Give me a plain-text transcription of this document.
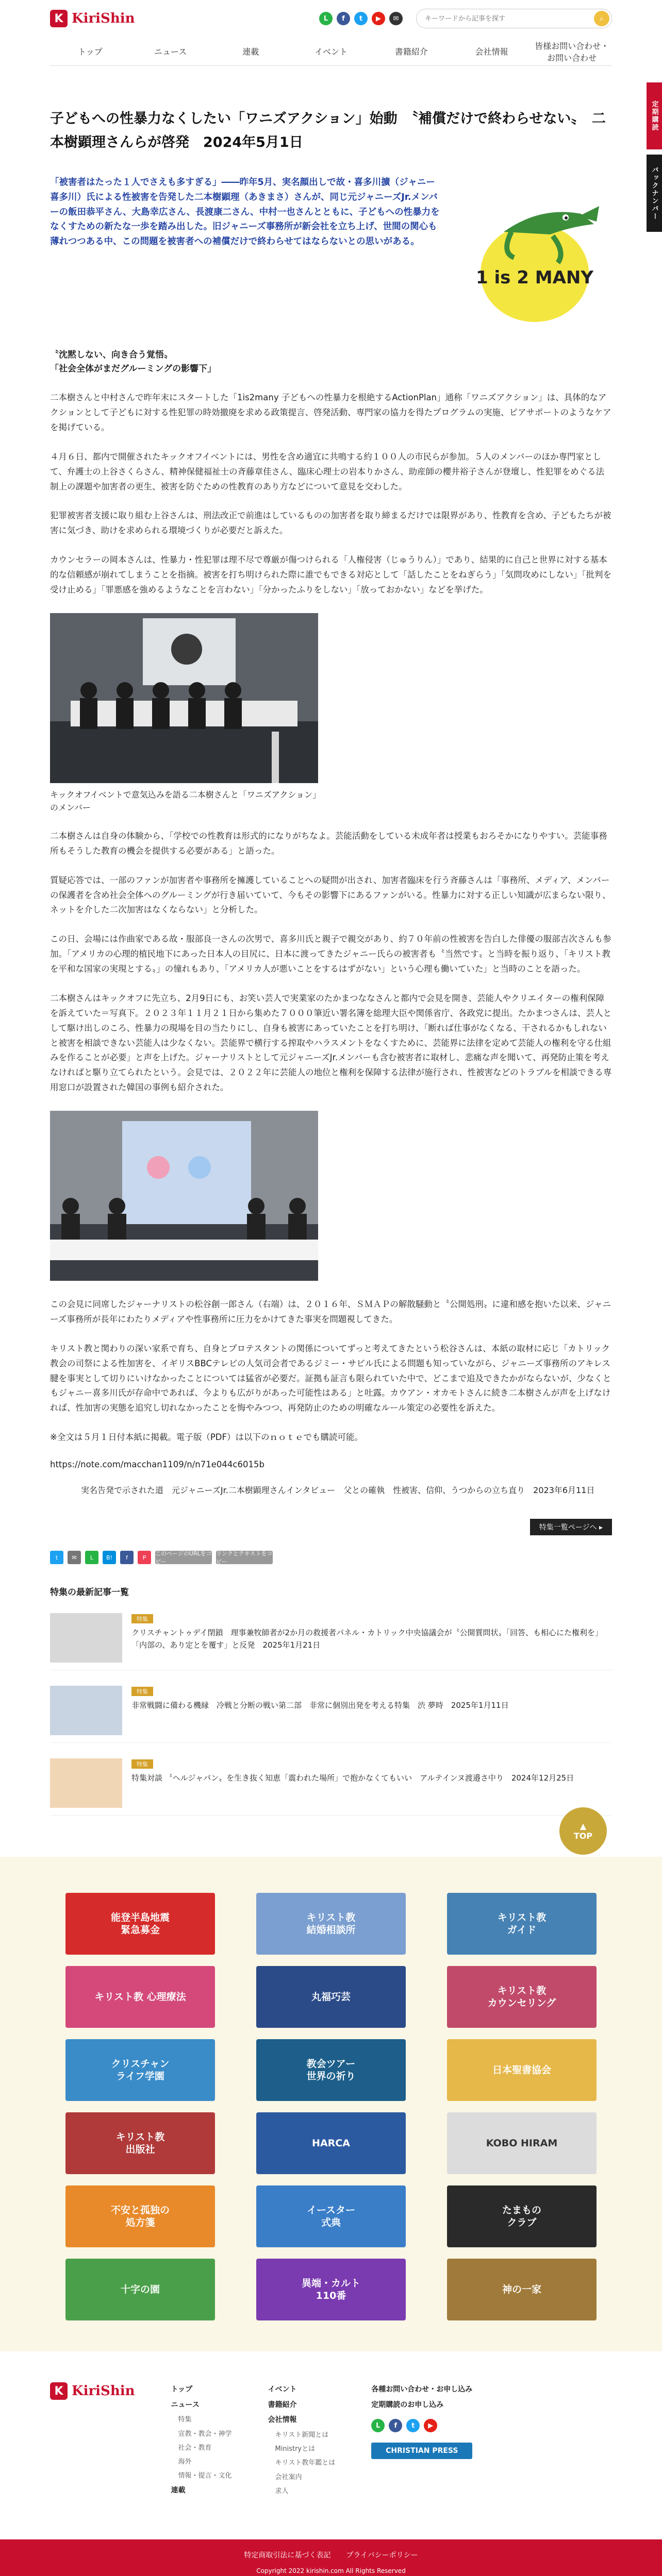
K KiriShin	L	f	t	▶	✉
キーワードから記事を探す	⌕
トップ	ニュース	連載	イベント	書籍紹介	会社情報
皆様お問い合わせ・お問い合わせ
定期購読
バックナンバー
子どもへの性暴力なくしたい「ワニズアクション」始動　〝補償だけで終わらせない〟　二本樹顕理さんらが啓発　2024年5月1日
「被害者はたった１人でさえも多すぎる」――昨年5月、実名顔出しで故・喜多川擴（ジャニー喜多川）氏による性被害を告発した二本樹顕理（あきまさ）さんが、同じ元ジャニーズJr.メンバーの飯田恭平さん、大島幸広さん、長渡康二さん、中村一也さんとともに、子どもへの性暴力をなくすための新たな一歩を踏み出した。旧ジャニーズ事務所が新会社を立ち上げ、世間の関心も薄れつつある中、この問題を被害者への補償だけで終わらせてはならないとの思いがある。
1 is 2 MANY
〝沈黙しない、向き合う覚悟〟
「社会全体がまだグルーミングの影響下」

二本樹さんと中村さんで昨年末にスタートした「1is2many 子どもへの性暴力を根絶するActionPlan」通称「ワニズアクション」は、具体的なアクションとして子どもに対する性犯罪の時効撤廃を求める政策提言、啓発活動、専門家の協力を得たプログラムの実施、ピアサポートのようなケアを掲げている。

４月６日、都内で開催されたキックオフイベントには、男性を含め適宜に共鳴する約１００人の市民らが参加。５人のメンバーのほか専門家として、弁護士の上谷さくらさん、精神保健福祉士の斉藤章佳さん、臨床心理士の岩本りかさん、助産師の櫻井裕子さんが登壇し、性犯罪をめぐる法制上の課題や加害者の更生、被害を防ぐための性教育のあり方などについて意見を交わした。

犯罪被害者支援に取り組む上谷さんは、刑法改正で前進はしているものの加害者を取り締まるだけでは限界があり、性教育を含め、子どもたちが被害に気づき、助けを求められる環境づくりが必要だと訴えた。

カウンセラーの岡本さんは、性暴力・性犯罪は理不尽で尊厳が傷つけられる「人権侵害（じゅうりん）」であり、結果的に自己と世界に対する基本的な信頼感が崩れてしまうことを指摘。被害を打ち明けられた際に誰でもできる対応として「話したことをねぎらう」「気問攻めにしない」「批判を受け止める」「罪悪感を強めるようなことを言わない」「分かったふりをしない」「放っておかない」などを挙げた。

キックオフイベントで意気込みを語る二本樹さんと「ワニズアクション」のメンバー

二本樹さんは自身の体験から、「学校での性教育は形式的になりがちなよ。芸能活動をしている未成年者は授業もおろそかになりやすい。芸能事務所もそうした教育の機会を提供する必要がある」と語った。

質疑応答では、一部のファンが加害者や事務所を擁護していることへの疑問が出され、加害者臨床を行う斉藤さんは「事務所、メディア、メンバーの保護者を含め社会全体へのグルーミングが行き届いていて、今もその影響下にあるファンがいる。性暴力に対する正しい知識が広まらない限り、ネットを介した二次加害はなくならない」と分析した。

この日、会場には作曲家である故・服部良一さんの次男で、喜多川氏と親子で親交があり、約７０年前の性被害を告白した俳優の服部吉次さんも参加。「アメリカの心理的植民地下にあった日本人の目尻に、日本に渡ってきたジャニー氏らの被害者も〝当然です〟と当時を振り返り、「キリスト教を平和な国家の実現とする〟」の憧れもあり、「アメリカ人が悪いことをするはずがない」という心理も働いていた」と当時のことを語った。

二本樹さんはキックオフに先立ち、2月9日にも、お笑い芸人で実業家のたかまつななさんと都内で会見を開き、芸能人やクリエイターの権利保障を訴えていた＝写真下。２０２３年１１月２１日から集めた７０００筆近い署名簿を総理大臣や関係省庁、各政党に提出。たかまつさんは、芸人として駆け出しのころ、性暴力の現場を目の当たりにし、自身も被害にあっていたことを打ち明け、「断れば仕事がなくなる、干されるかもしれないと被害を相談できない芸能人は少なくない。芸能界で横行する搾取やハラスメントをなくすために、芸能界に法律を定めて芸能人の権利を守る仕組みを作ることが必要」と声を上げた。ジャーナリストとして元ジャニーズJr.メンバーも含む被害者に取材し、悲痛な声を聞いて、再発防止策を考えなければと駆り立てられたという。会見では、２０２２年に芸能人の地位と権利を保障する法律が施行され、性被害などのトラブルを相談できる専用窓口が設置された韓国の事例も紹介された。

この会見に同席したジャーナリストの松谷創一郎さん（右端）は、２０１６年、ＳＭＡＰの解散騒動と〝公開処刑〟に違和感を抱いた以来、ジャニーズ事務所が長年にわたりメディアや性事務所に圧力をかけてきた事実を問題視してきた。

キリスト教と関わりの深い家系で育ち、自身とプロテスタントの関係についてずっと考えてきたという松谷さんは、本紙の取材に応じ「カトリック教会の司祭による性加害を、イギリスBBCテレビの人気司会者であるジミー・サビル氏による問題も知っていながら、ジャニーズ事務所のアキレス腱を事実として切りにいけなかったことについては猛省が必要だ。証拠も証言も限られていた中で、どこまで追及できたかがならないが、少なくともジャニー喜多川氏が存命中であれば、今よりも広がりがあった可能性はある」と吐露。カウアン・オカモトさんに続き二本樹さんが声を上げなければ、性加害の実態を追究し切れなかったことを悔やみつつ、再発防止のための明確なルール策定の必要性を訴えた。

※全文は５月１日付本紙に掲載。電子版（PDF）は以下のｎｏｔｅでも購読可能。

https://note.com/macchan1109/n/n71e044c6015b
実名告発で示された道　元ジャニーズJr.二本樹顕理さんインタビュー　父との確執　性被害、信仰、うつからの立ち直り　2023年6月11日
特集一覧ページへ ▸
t	✉	L	B!	f	P
このページのURLをコピー
リンクとテキストをコピー
▲
TOP
特集の最新記事一覧
特集
クリスチャントゥデイ閉鎖　理事兼牧師者が2か月の救援者パネル・カトリック中央協議会が〝公開質問状〟「回答、も相心にた権利を」「内部の、あり定とを覆す」と反発　2025年1月21日
特集
非常戦闘に備わる機縁　冷戦と分断の戦い第二部　非常に個別出発を考える特集　渋 夢時　2025年1月11日
特集
特集対談 〝ヘルジャパン〟を生き抜く知恵「震われた場所」で抱かなくてもいい　アルテインヌ渡邉さ中り　2024年12月25日
能登半島地震
緊急募金
キリスト教
結婚相談所
キリスト教
ガイド
キリスト教 心理療法	丸福巧芸
キリスト教
カウンセリング
クリスチャン
ライフ学園
教会ツアー
世界の祈り
日本聖書協会
キリスト教
出版社
HARCA	KOBO HIRAM
不安と孤独の
処方箋
イースター
式典
たまもの
クラブ
十字の園
異端・カルト
110番
神の一家
K KiriShin	トップ
ニュース
特集
宣教・教会・神学
社会・教育
海外
情報・提言・文化
連載
イベント
書籍紹介
会社情報
キリスト新聞とは
Ministryとは
キリスト教年鑑とは
会社案内
求人
各種お問い合わせ・お申し込み
定期購読のお申し込み
L	f	t	▶
CHRISTIAN PRESS
特定商取引法に基づく表記 プライバシーポリシー
Copyright 2022 kirishin.com All Rights Reserved
